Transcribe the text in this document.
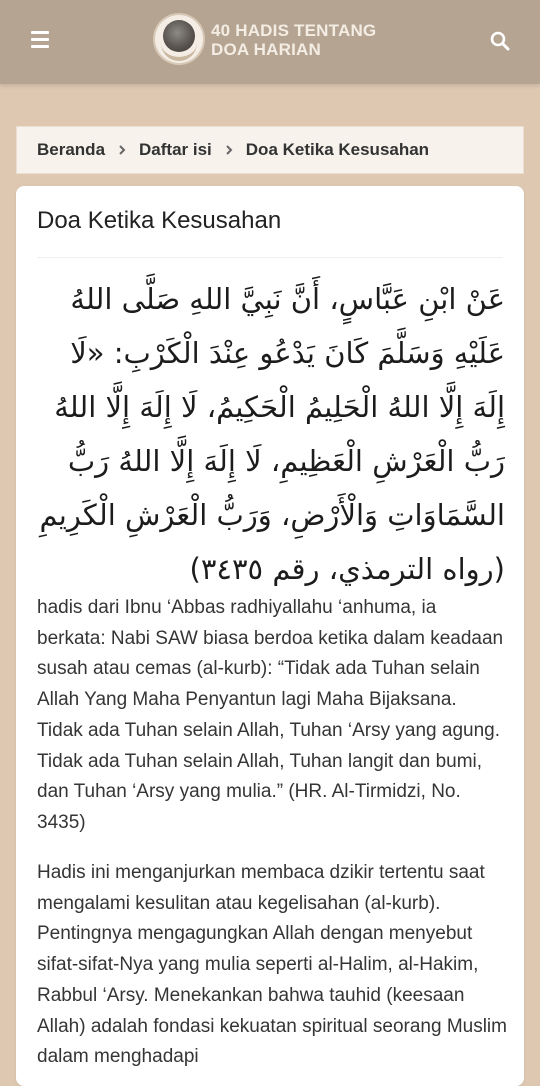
40 HADIS TENTANG
DOA HARIAN
Beranda Daftar isi Doa Ketika Kesusahan
Doa Ketika Kesusahan
عَنْ ابْنِ عَبَّاسٍ، أَنَّ نَبِيَّ اللهِ صَلَّى اللهُ عَلَيْهِ وَسَلَّمَ كَانَ يَدْعُو عِنْدَ الْكَرْبِ: «لَا إِلَهَ إِلَّا اللهُ الْحَلِيمُ الْحَكِيمُ، لَا إِلَهَ إِلَّا اللهُ رَبُّ الْعَرْشِ الْعَظِيمِ، لَا إِلَهَ إِلَّا اللهُ رَبُّ السَّمَاوَاتِ وَالْأَرْضِ، وَرَبُّ الْعَرْشِ الْكَرِيمِ (رواه الترمذي، رقم ٣٤٣٥)

hadis dari Ibnu ‘Abbas radhiyallahu ‘anhuma, ia berkata: Nabi SAW biasa berdoa ketika dalam keadaan susah atau cemas (al-kurb): “Tidak ada Tuhan selain Allah Yang Maha Penyantun lagi Maha Bijaksana. Tidak ada Tuhan selain Allah, Tuhan ‘Arsy yang agung. Tidak ada Tuhan selain Allah, Tuhan langit dan bumi, dan Tuhan ‘Arsy yang mulia.” (HR. Al-Tirmidzi, No. 3435)

Hadis ini menganjurkan membaca dzikir tertentu saat mengalami kesulitan atau kegelisahan (al-kurb). Pentingnya mengagungkan Allah dengan menyebut sifat-sifat-Nya yang mulia seperti al-Halim, al-Hakim, Rabbul ‘Arsy. Menekankan bahwa tauhid (keesaan Allah) adalah fondasi kekuatan spiritual seorang Muslim dalam menghadapi
